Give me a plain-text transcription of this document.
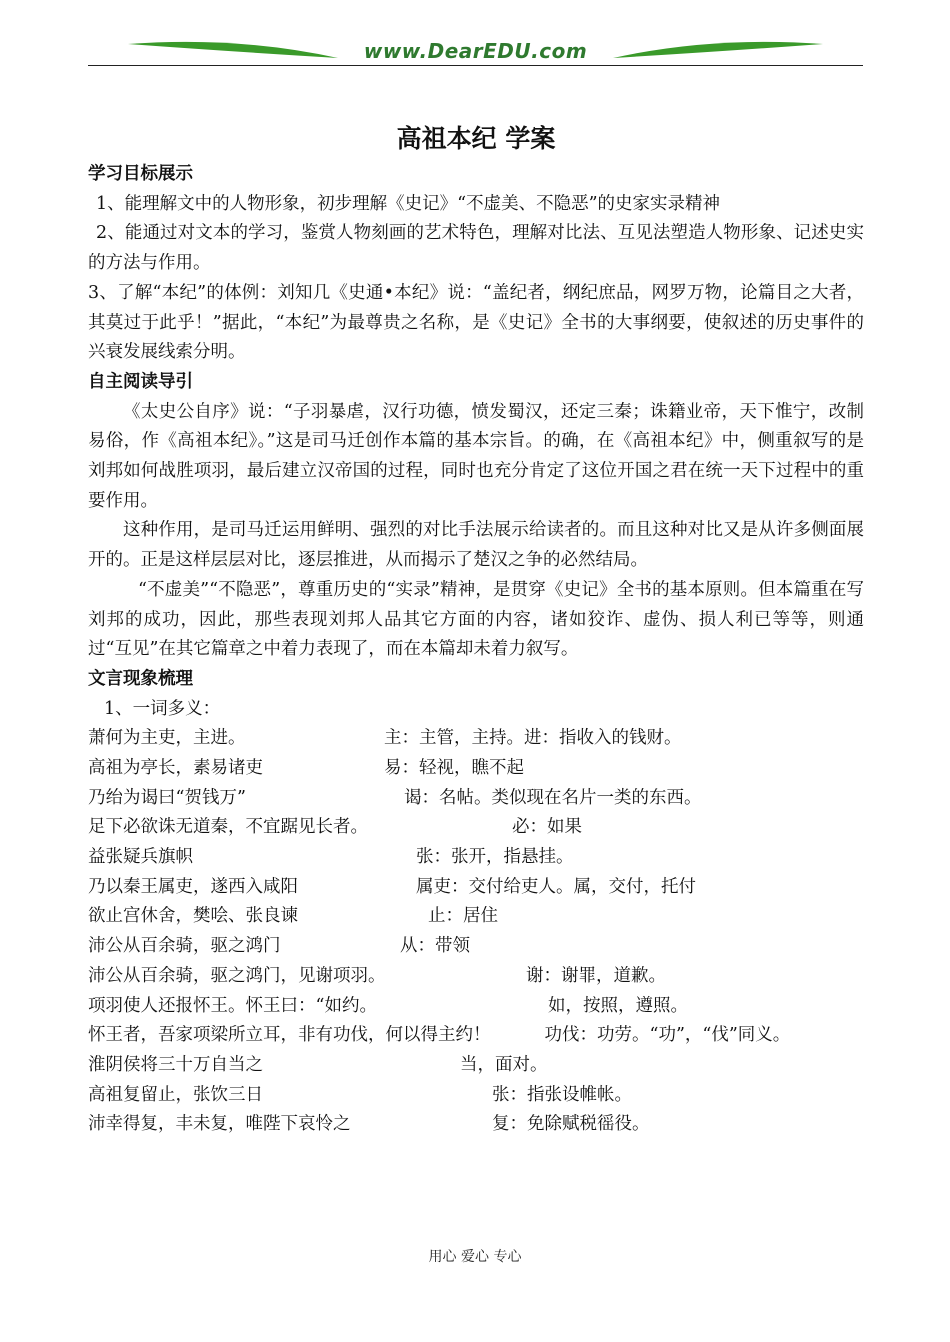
www.DearEDU.com
高祖本纪 学案
学习目标展示

1、能理解文中的人物形象，初步理解《史记》“不虚美、不隐恶”的史家实录精神

2、能通过对文本的学习，鉴赏人物刻画的艺术特色，理解对比法、互见法塑造人物形象、记述史实的方法与作用。

3、了解“本纪”的体例：刘知几《史通•本纪》说：“盖纪者，纲纪庶品，网罗万物，论篇目之大者，其莫过于此乎！”据此，“本纪”为最尊贵之名称，是《史记》全书的大事纲要，使叙述的历史事件的兴衰发展线索分明。

自主阅读导引

《太史公自序》说：“子羽暴虐，汉行功德，愤发蜀汉，还定三秦；诛籍业帝，天下惟宁，改制易俗，作《高祖本纪》。”这是司马迁创作本篇的基本宗旨。的确，在《高祖本纪》中，侧重叙写的是刘邦如何战胜项羽，最后建立汉帝国的过程，同时也充分肯定了这位开国之君在统一天下过程中的重要作用。

这种作用，是司马迁运用鲜明、强烈的对比手法展示给读者的。而且这种对比又是从许多侧面展开的。正是这样层层对比，逐层推进，从而揭示了楚汉之争的必然结局。

“不虚美”“不隐恶”，尊重历史的“实录”精神，是贯穿《史记》全书的基本原则。但本篇重在写刘邦的成功，因此，那些表现刘邦人品其它方面的内容，诸如狡诈、虚伪、损人利已等等，则通过“互见”在其它篇章之中着力表现了，而在本篇却未着力叙写。

文言现象梳理

1、一词多义：

萧何为主吏，主进。	主：主管，主持。进：指收入的钱财。
高祖为亭长，素易诸吏	易：轻视，瞧不起
乃绐为谒曰“贺钱万”	谒：名帖。类似现在名片一类的东西。
足下必欲诛无道秦，不宜踞见长者。	必：如果
益张疑兵旗帜	张：张开，指悬挂。
乃以秦王属吏，遂西入咸阳	属吏：交付给吏人。属，交付，托付
欲止宫休舍，樊哙、张良谏	止：居住
沛公从百余骑，驱之鸿门	从：带领
沛公从百余骑，驱之鸿门，见谢项羽。	谢：谢罪，道歉。
项羽使人还报怀王。怀王曰：“如约。	如，按照，遵照。

怀王者，吾家项梁所立耳，非有功伐，何以得主约！	功伐：功劳。“功”，“伐”同义。

淮阴侯将三十万自当之	当，面对。
高祖复留止，张饮三日	张：指张设帷帐。
沛幸得复，丰未复，唯陛下哀怜之	复：免除赋税徭役。
用心 爱心 专心
